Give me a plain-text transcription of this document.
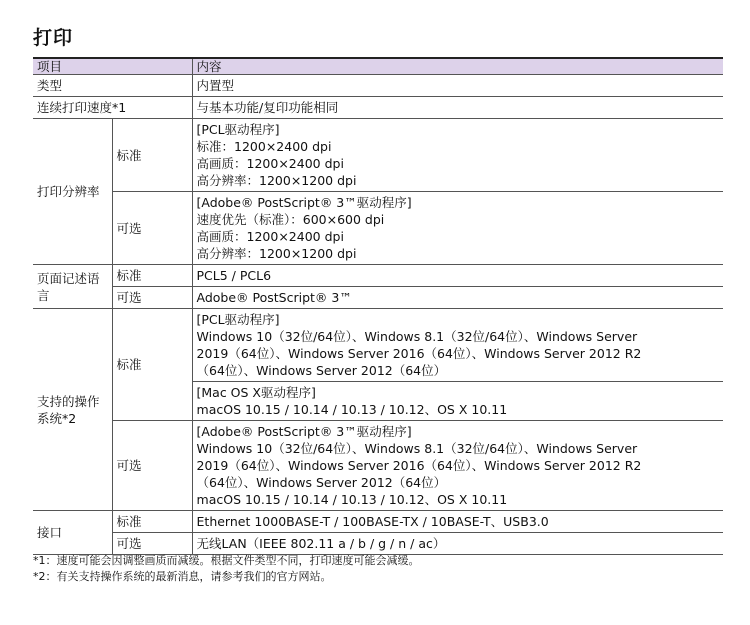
打印
项目		内容
类型		内置型
连续打印速度*1		与基本功能/复印功能相同
打印分辨率	标准	[PCL驱动程序]
标准：1200×2400 dpi
高画质：1200×2400 dpi
高分辨率：1200×1200 dpi

	可选	[Adobe® PostScript® 3™驱动程序]
速度优先（标准）：600×600 dpi
高画质：1200×2400 dpi
高分辨率：1200×1200 dpi

页面记述语言	标准	PCL5 / PCL6
	可选	Adobe® PostScript® 3™
支持的操作系统*2	标准	[PCL驱动程序]
Windows 10（32位/64位）、Windows 8.1（32位/64位）、Windows Server
2019（64位）、Windows Server 2016（64位）、Windows Server 2012 R2
（64位）、Windows Server 2012（64位）

		[Mac OS X驱动程序]
macOS 10.15 / 10.14 / 10.13 / 10.12、OS X 10.11

	可选	[Adobe® PostScript® 3™驱动程序]
Windows 10（32位/64位）、Windows 8.1（32位/64位）、Windows Server
2019（64位）、Windows Server 2016（64位）、Windows Server 2012 R2
（64位）、Windows Server 2012（64位）
macOS 10.15 / 10.14 / 10.13 / 10.12、OS X 10.11

接口	标准	Ethernet 1000BASE-T / 100BASE-TX / 10BASE-T、USB3.0
	可选	无线LAN（IEEE 802.11 a / b / g / n / ac）
*1：速度可能会因调整画质而减缓。根据文件类型不同，打印速度可能会减缓。
*2：有关支持操作系统的最新消息，请参考我们的官方网站。
